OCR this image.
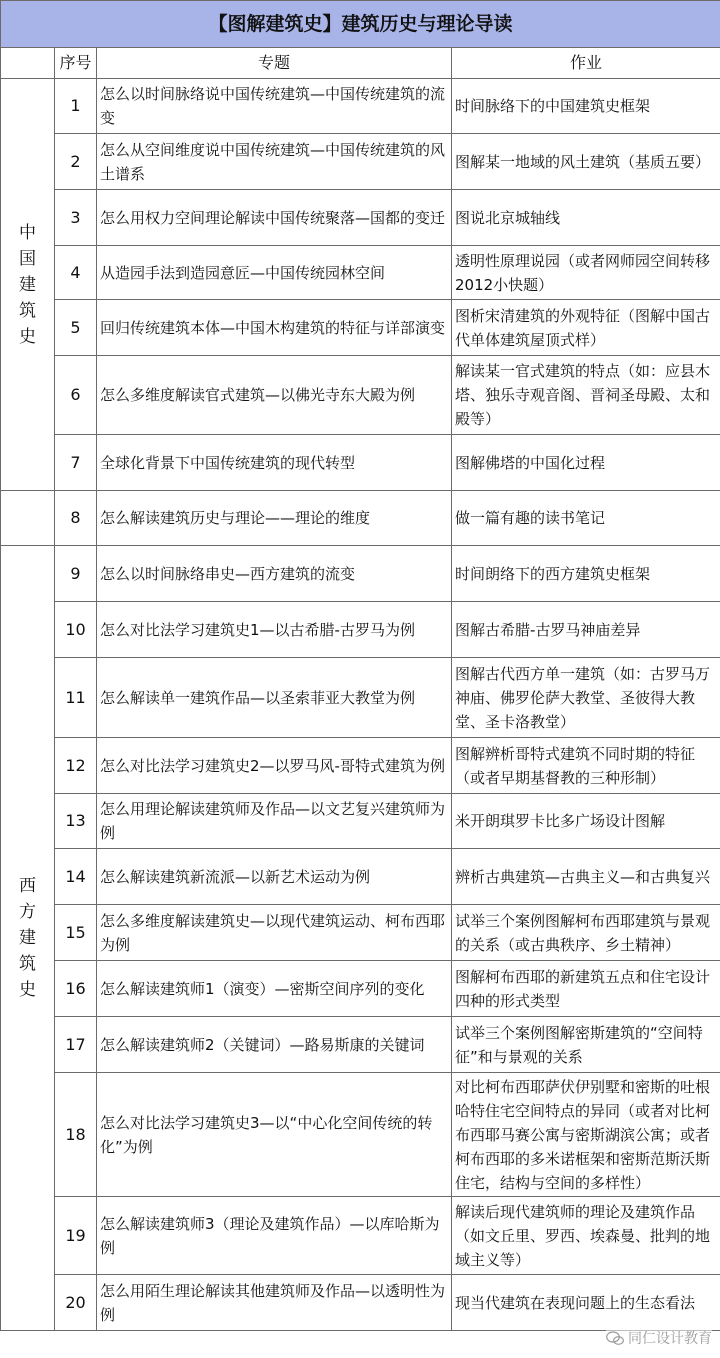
【图解建筑史】建筑历史与理论导读			
	序号	专题	作业

中
国
建
筑
史	1	怎么以时间脉络说中国传统建筑—中国传统建筑的流变	时间脉络下的中国建筑史框架
	2	怎么从空间维度说中国传统建筑—中国传统建筑的风土谱系	图解某一地域的风土建筑（基质五要）
	3	怎么用权力空间理论解读中国传统聚落—国都的变迁	图说北京城轴线
	4	从造园手法到造园意匠—中国传统园林空间	透明性原理说园（或者网师园空间转移2012小快题）
	5	回归传统建筑本体—中国木构建筑的特征与详部演变	图析宋清建筑的外观特征（图解中国古代单体建筑屋顶式样）
	6	怎么多维度解读官式建筑—以佛光寺东大殿为例	解读某一官式建筑的特点（如：应县木塔、独乐寺观音阁、晋祠圣母殿、太和殿等）
	7	全球化背景下中国传统建筑的现代转型	图解佛塔的中国化过程
	8	怎么解读建筑历史与理论——理论的维度	做一篇有趣的读书笔记

西
方
建
筑
史	9	怎么以时间脉络串史—西方建筑的流变	时间朗络下的西方建筑史框架
	10	怎么对比法学习建筑史1—以古希腊-古罗马为例	图解古希腊-古罗马神庙差异
	11	怎么解读单一建筑作品—以圣索菲亚大教堂为例	图解古代西方单一建筑（如：古罗马万神庙、佛罗伦萨大教堂、圣彼得大教堂、圣卡洛教堂）
	12	怎么对比法学习建筑史2—以罗马风-哥特式建筑为例	图解辨析哥特式建筑不同时期的特征（或者早期基督教的三种形制）
	13	怎么用理论解读建筑师及作品—以文艺复兴建筑师为例	米开朗琪罗卡比多广场设计图解
	14	怎么解读建筑新流派—以新艺术运动为例	辨析古典建筑—古典主义—和古典复兴
	15	怎么多维度解读建筑史—以现代建筑运动、柯布西耶为例	试举三个案例图解柯布西耶建筑与景观的关系（或古典秩序、乡土精神）
	16	怎么解读建筑师1（演变）—密斯空间序列的变化	图解柯布西耶的新建筑五点和住宅设计四种的形式类型
	17	怎么解读建筑师2（关键词）—路易斯康的关键词	试举三个案例图解密斯建筑的“空间特征”和与景观的关系
	18	怎么对比法学习建筑史3—以“中心化空间传统的转化”为例	对比柯布西耶萨伏伊别墅和密斯的吐根哈特住宅空间特点的异同（或者对比柯布西耶马赛公寓与密斯湖滨公寓；或者柯布西耶的多米诺框架和密斯范斯沃斯住宅，结构与空间的多样性）
	19	怎么解读建筑师3（理论及建筑作品）—以库哈斯为例	解读后现代建筑师的理论及建筑作品（如文丘里、罗西、埃森曼、批判的地域主义等）
	20	怎么用陌生理论解读其他建筑师及作品—以透明性为例	现当代建筑在表现问题上的生态看法
同仁设计教育
